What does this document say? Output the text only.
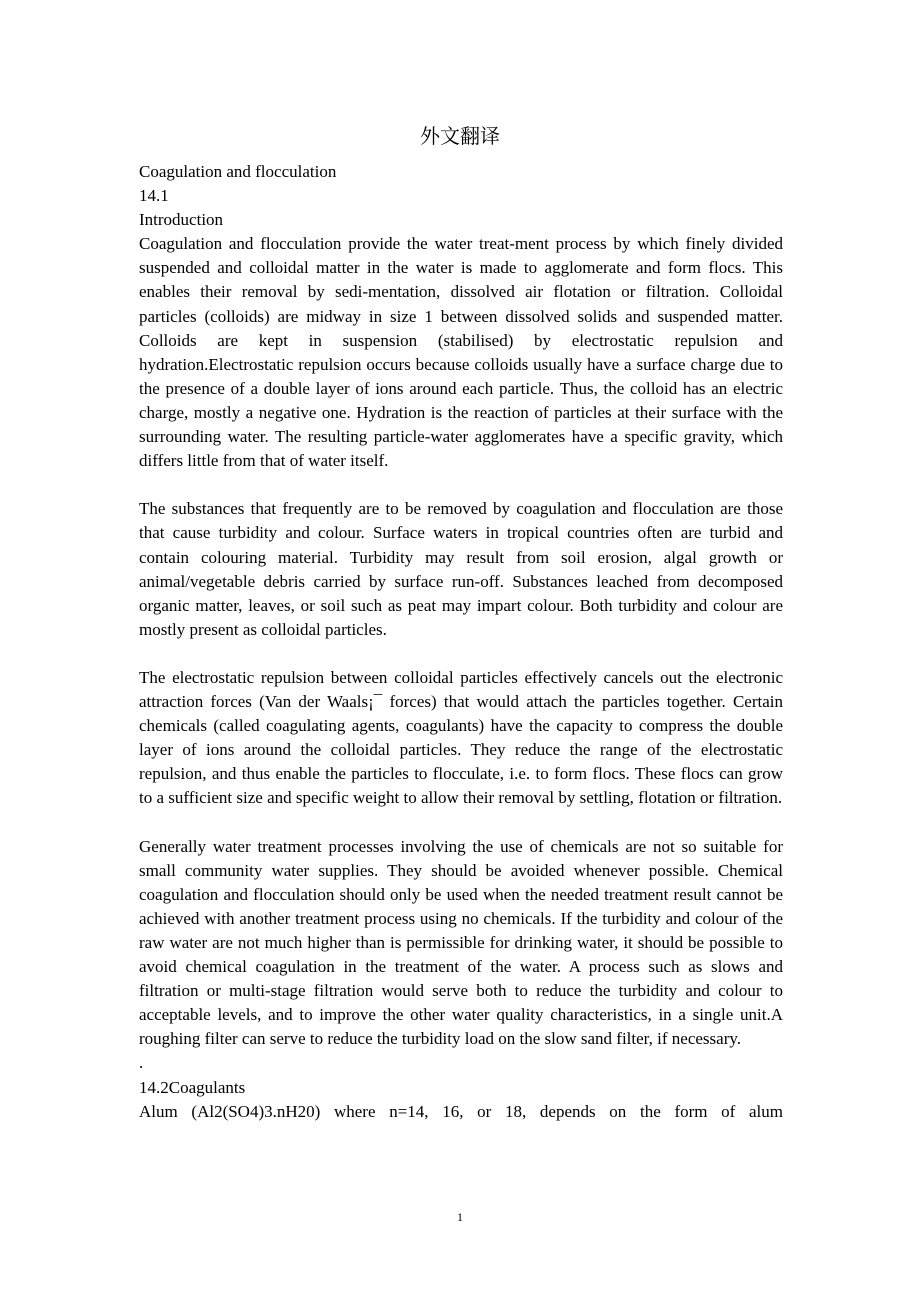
外文翻译
Coagulation and flocculation
14.1
Introduction

Coagulation and flocculation provide the water treat-ment process by which finely divided suspended and colloidal matter in the water is made to agglomerate and form flocs. This enables their removal by sedi-mentation, dissolved air flotation or filtration. Colloidal particles (colloids) are midway in size 1 between dissolved solids and suspended matter. Colloids are kept in suspension (stabilised) by electrostatic repulsion and hydration.Electrostatic repulsion occurs because colloids usually have a surface charge due to the presence of a double layer of ions around each particle. Thus, the colloid has an electric charge, mostly a negative one. Hydration is the reaction of particles at their surface with the surrounding water. The resulting particle-water agglomerates have a specific gravity, which differs little from that of water itself.

The substances that frequently are to be removed by coagulation and flocculation are those that cause turbidity and colour. Surface waters in tropical countries often are turbid and contain colouring material. Turbidity may result from soil erosion, algal growth or animal/vegetable debris carried by surface run-off. Substances leached from decomposed organic matter, leaves, or soil such as peat may impart colour. Both turbidity and colour are mostly present as colloidal particles.

The electrostatic repulsion between colloidal particles effectively cancels out the electronic attraction forces (Van der Waals¡¯ forces) that would attach the particles together. Certain chemicals (called coagulating agents, coagulants) have the capacity to compress the double layer of ions around the colloidal particles. They reduce the range of the electrostatic repulsion, and thus enable the particles to flocculate, i.e. to form flocs. These flocs can grow to a sufficient size and specific weight to allow their removal by settling, flotation or filtration.

Generally water treatment processes involving the use of chemicals are not so suitable for small community water supplies. They should be avoided whenever possible. Chemical coagulation and flocculation should only be used when the needed treatment result cannot be achieved with another treatment process using no chemicals. If the turbidity and colour of the raw water are not much higher than is permissible for drinking water, it should be possible to avoid chemical coagulation in the treatment of the water. A process such as slows and filtration or multi-stage filtration would serve both to reduce the turbidity and colour to acceptable levels, and to improve the other water quality characteristics, in a single unit.A roughing filter can serve to reduce the turbidity load on the slow sand filter, if necessary.

.
14.2Coagulants

Alum (Al2(SO4)3.nH20) where n=14, 16, or 18, depends on the form of alum

1
